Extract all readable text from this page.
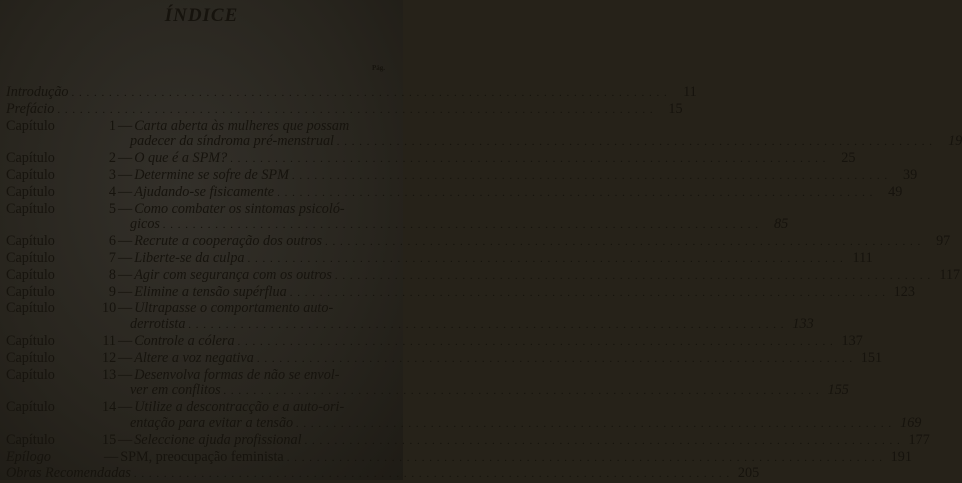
ÍNDICE
Pág.
Introdução . . . . . . . . . . . . . . . . . . . . . . . . . . . . . . . . . . . . . . . . . . . . . . . . . . . . . . . . . . . . . . . . . . . . . . . . . . . . . . . .	11
Prefácio . . . . . . . . . . . . . . . . . . . . . . . . . . . . . . . . . . . . . . . . . . . . . . . . . . . . . . . . . . . . . . . . . . . . . . . . . . . . . . . .	15
Capítulo	1 — Carta aberta às mulheres que possam
padecer da síndroma pré-menstrual . . . . . . . . . . . . . . . . . . . . . . . . . . . . . . . . . . . . . . . . . . . . . . . . . . . . . . . . . . . . . . . . . . . . . . . . . . . . . . . .	19
Capítulo	2 — O que é a SPM? . . . . . . . . . . . . . . . . . . . . . . . . . . . . . . . . . . . . . . . . . . . . . . . . . . . . . . . . . . . . . . . . . . . . . . . . . . . . . . . .	25
Capítulo	3 — Determine se sofre de SPM . . . . . . . . . . . . . . . . . . . . . . . . . . . . . . . . . . . . . . . . . . . . . . . . . . . . . . . . . . . . . . . . . . . . . . . . . . . . . . . .	39
Capítulo	4 — Ajudando-se fisicamente . . . . . . . . . . . . . . . . . . . . . . . . . . . . . . . . . . . . . . . . . . . . . . . . . . . . . . . . . . . . . . . . . . . . . . . . . . . . . . . .	49
Capítulo	5 — Como combater os sintomas psicoló-
gicos . . . . . . . . . . . . . . . . . . . . . . . . . . . . . . . . . . . . . . . . . . . . . . . . . . . . . . . . . . . . . . . . . . . . . . . . . . . . . . . .	85
Capítulo	6 — Recrute a cooperação dos outros . . . . . . . . . . . . . . . . . . . . . . . . . . . . . . . . . . . . . . . . . . . . . . . . . . . . . . . . . . . . . . . . . . . . . . . . . . . . . . . .	97
Capítulo	7 — Liberte-se da culpa . . . . . . . . . . . . . . . . . . . . . . . . . . . . . . . . . . . . . . . . . . . . . . . . . . . . . . . . . . . . . . . . . . . . . . . . . . . . . . . . 111
Capítulo	8 — Agir com segurança com os outros . . . . . . . . . . . . . . . . . . . . . . . . . . . . . . . . . . . . . . . . . . . . . . . . . . . . . . . . . . . . . . . . . . . . . . . . . . . . . . . . 117
Capítulo	9 — Elimine a tensão supérflua . . . . . . . . . . . . . . . . . . . . . . . . . . . . . . . . . . . . . . . . . . . . . . . . . . . . . . . . . . . . . . . . . . . . . . . . . . . . . . . . 123
Capítulo	10 — Ultrapasse o comportamento auto-
derrotista . . . . . . . . . . . . . . . . . . . . . . . . . . . . . . . . . . . . . . . . . . . . . . . . . . . . . . . . . . . . . . . . . . . . . . . . . . . . . . . . 133
Capítulo	11 — Controle a cólera . . . . . . . . . . . . . . . . . . . . . . . . . . . . . . . . . . . . . . . . . . . . . . . . . . . . . . . . . . . . . . . . . . . . . . . . . . . . . . . . 137
Capítulo	12 — Altere a voz negativa . . . . . . . . . . . . . . . . . . . . . . . . . . . . . . . . . . . . . . . . . . . . . . . . . . . . . . . . . . . . . . . . . . . . . . . . . . . . . . . . 151
Capítulo	13 — Desenvolva formas de não se envol-
ver em conflitos . . . . . . . . . . . . . . . . . . . . . . . . . . . . . . . . . . . . . . . . . . . . . . . . . . . . . . . . . . . . . . . . . . . . . . . . . . . . . . . . 155
Capítulo	14 — Utilize a descontracção e a auto-ori-
entação para evitar a tensão . . . . . . . . . . . . . . . . . . . . . . . . . . . . . . . . . . . . . . . . . . . . . . . . . . . . . . . . . . . . . . . . . . . . . . . . . . . . . . . . 169
Capítulo	15 — Seleccione ajuda profissional . . . . . . . . . . . . . . . . . . . . . . . . . . . . . . . . . . . . . . . . . . . . . . . . . . . . . . . . . . . . . . . . . . . . . . . . . . . . . . . . 177
Epílogo	— SPM, preocupação feminista . . . . . . . . . . . . . . . . . . . . . . . . . . . . . . . . . . . . . . . . . . . . . . . . . . . . . . . . . . . . . . . . . . . . . . . . . . . . . . . . 191
Obras Recomendadas . . . . . . . . . . . . . . . . . . . . . . . . . . . . . . . . . . . . . . . . . . . . . . . . . . . . . . . . . . . . . . . . . . . . . . . . . . . . . . . . 205
